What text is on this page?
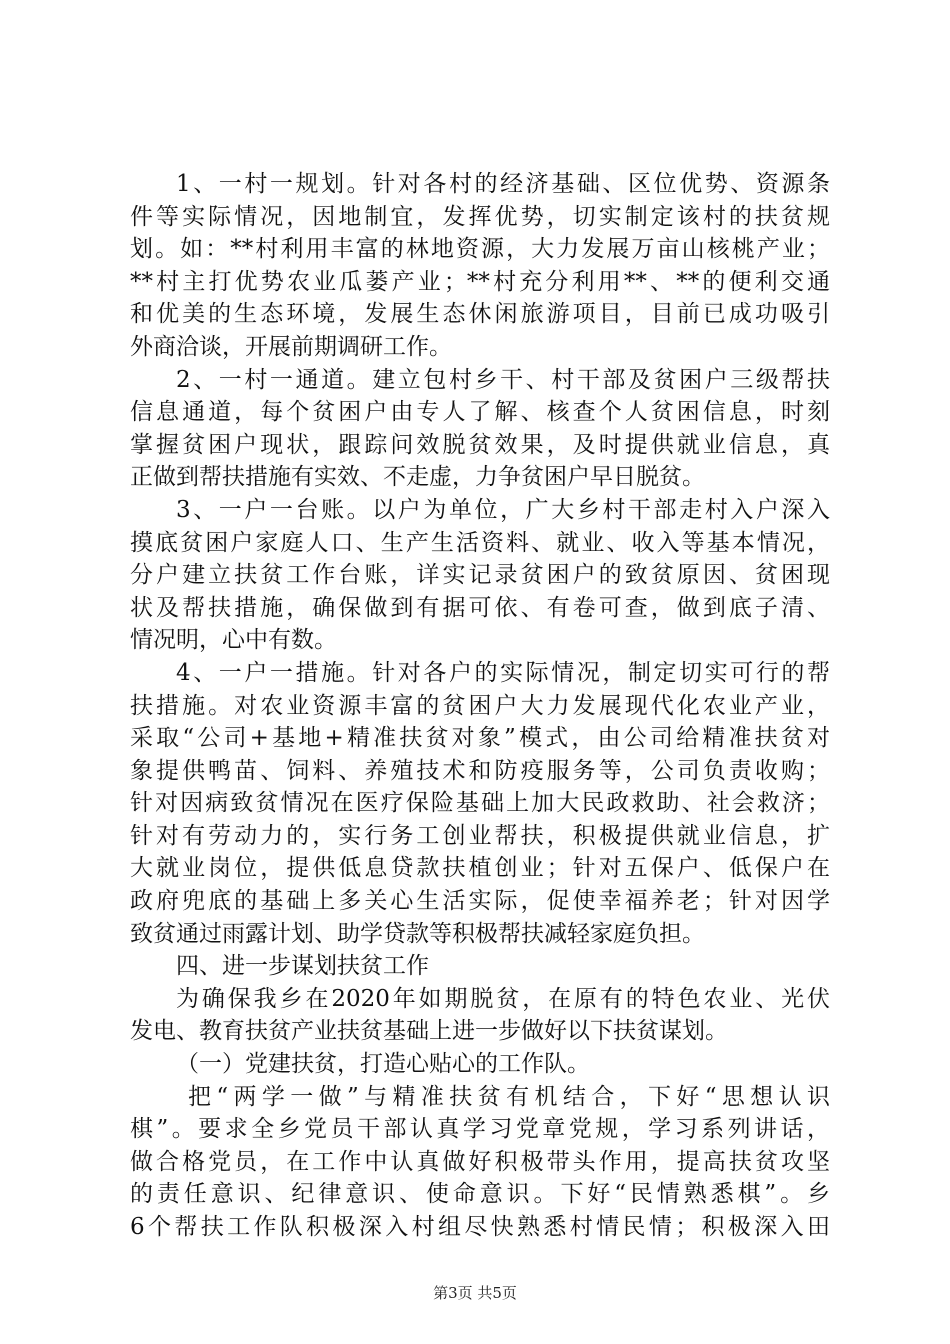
1、一村一规划。针对各村的经济基础、区位优势、资源条
件等实际情况，因地制宜，发挥优势，切实制定该村的扶贫规
划。如：**村利用丰富的林地资源，大力发展万亩山核桃产业；
**村主打优势农业瓜蒌产业；**村充分利用**、**的便利交通
和优美的生态环境，发展生态休闲旅游项目，目前已成功吸引
外商洽谈，开展前期调研工作。
2、一村一通道。建立包村乡干、村干部及贫困户三级帮扶
信息通道，每个贫困户由专人了解、核查个人贫困信息，时刻
掌握贫困户现状，跟踪问效脱贫效果，及时提供就业信息，真
正做到帮扶措施有实效、不走虚，力争贫困户早日脱贫。
3、一户一台账。以户为单位，广大乡村干部走村入户深入
摸底贫困户家庭人口、生产生活资料、就业、收入等基本情况，
分户建立扶贫工作台账，详实记录贫困户的致贫原因、贫困现
状及帮扶措施，确保做到有据可依、有卷可查，做到底子清、
情况明，心中有数。
4、一户一措施。针对各户的实际情况，制定切实可行的帮
扶措施。对农业资源丰富的贫困户大力发展现代化农业产业，
采取“公司+基地+精准扶贫对象”模式，由公司给精准扶贫对
象提供鸭苗、饲料、养殖技术和防疫服务等，公司负责收购；
针对因病致贫情况在医疗保险基础上加大民政救助、社会救济；
针对有劳动力的，实行务工创业帮扶，积极提供就业信息，扩
大就业岗位，提供低息贷款扶植创业；针对五保户、低保户在
政府兜底的基础上多关心生活实际，促使幸福养老；针对因学
致贫通过雨露计划、助学贷款等积极帮扶减轻家庭负担。
四、进一步谋划扶贫工作
为确保我乡在2020年如期脱贫，在原有的特色农业、光伏
发电、教育扶贫产业扶贫基础上进一步做好以下扶贫谋划。
（一）党建扶贫，打造心贴心的工作队。
把“两学一做”与精准扶贫有机结合，下好“思想认识
棋”。要求全乡党员干部认真学习党章党规，学习系列讲话，
做合格党员，在工作中认真做好积极带头作用，提高扶贫攻坚
的责任意识、纪律意识、使命意识。下好“民情熟悉棋”。乡
6个帮扶工作队积极深入村组尽快熟悉村情民情；积极深入田
第3页 共5页
